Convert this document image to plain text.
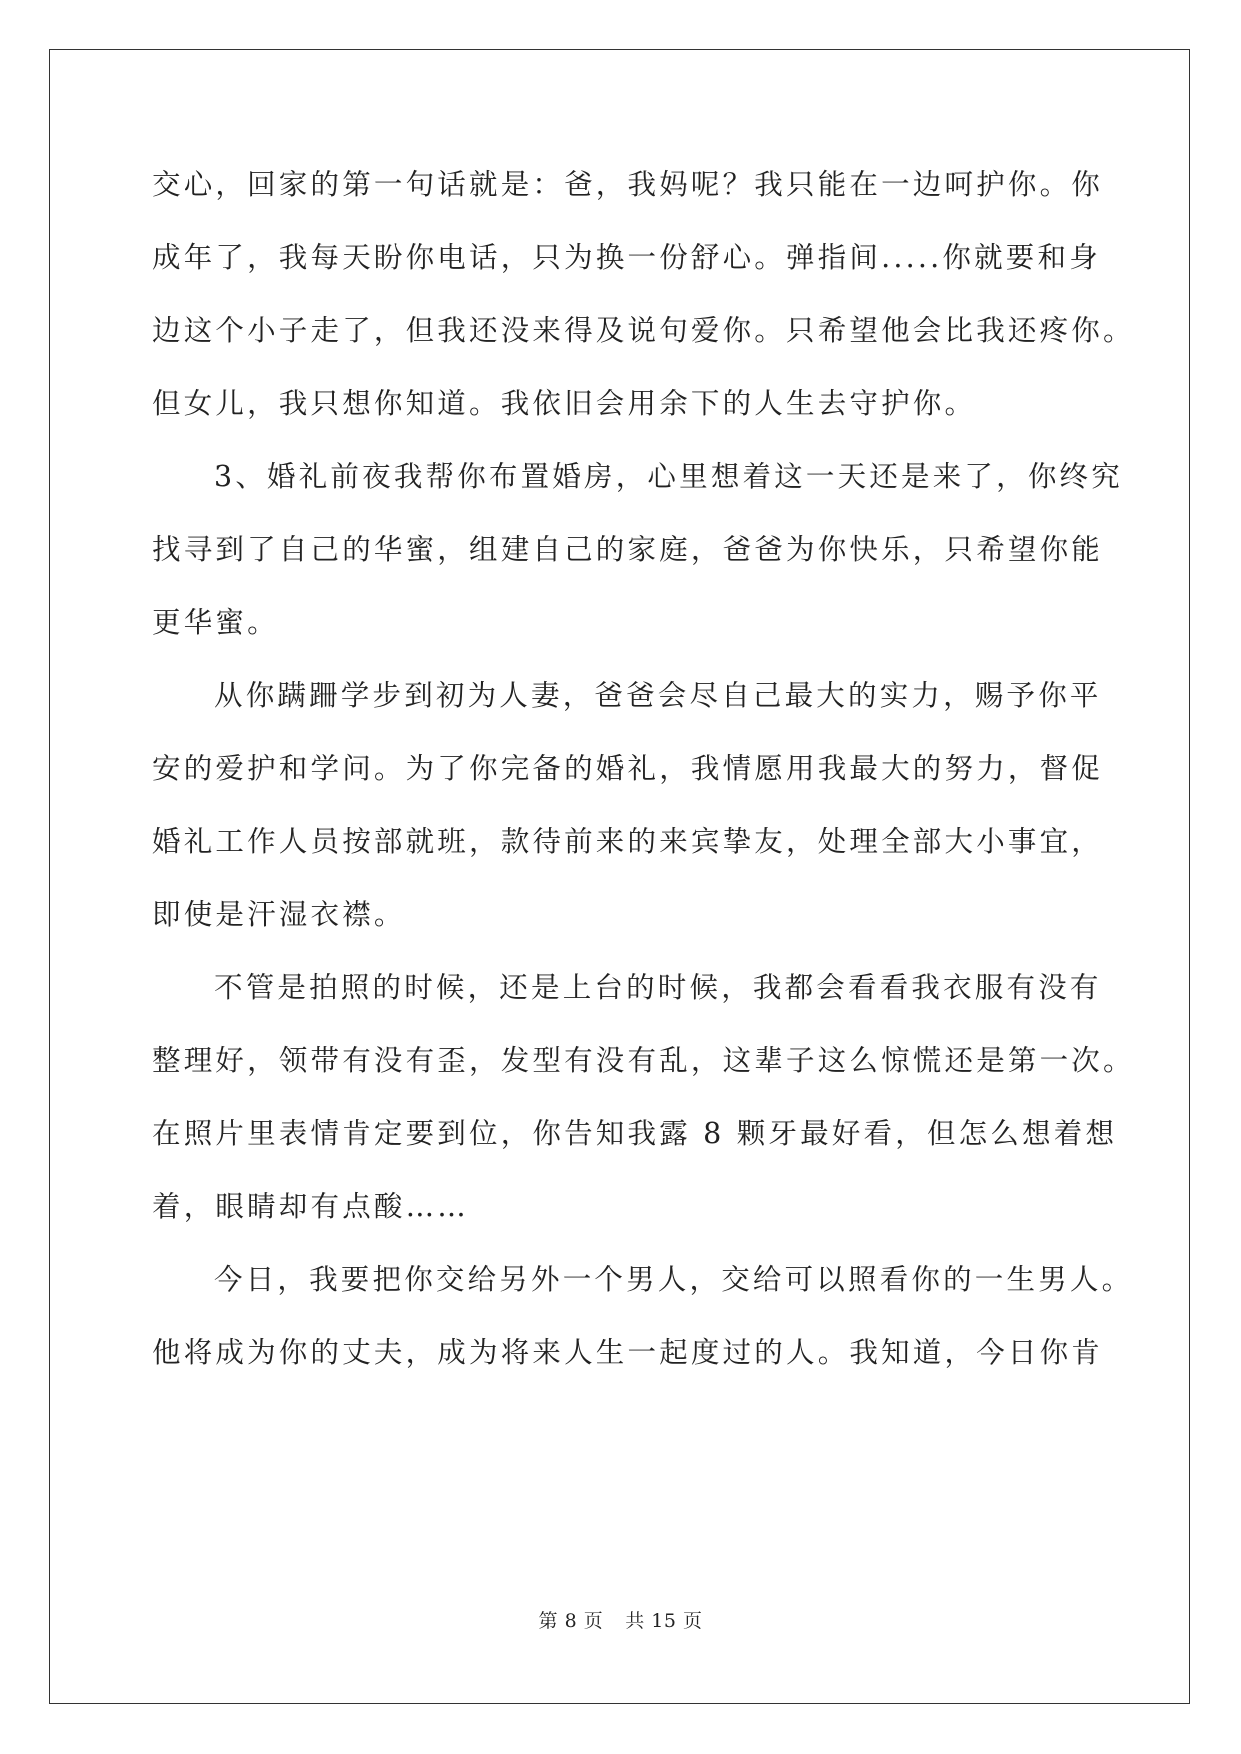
交心，回家的第一句话就是：爸，我妈呢？我只能在一边呵护你。你
成年了，我每天盼你电话，只为换一份舒心。弹指间.....你就要和身
边这个小子走了，但我还没来得及说句爱你。只希望他会比我还疼你。
但女儿，我只想你知道。我依旧会用余下的人生去守护你。
3、婚礼前夜我帮你布置婚房，心里想着这一天还是来了，你终究
找寻到了自己的华蜜，组建自己的家庭，爸爸为你快乐，只希望你能
更华蜜。
从你蹒跚学步到初为人妻，爸爸会尽自己最大的实力，赐予你平
安的爱护和学问。为了你完备的婚礼，我情愿用我最大的努力，督促
婚礼工作人员按部就班，款待前来的来宾挚友，处理全部大小事宜，
即使是汗湿衣襟。
不管是拍照的时候，还是上台的时候，我都会看看我衣服有没有
整理好，领带有没有歪，发型有没有乱，这辈子这么惊慌还是第一次。
在照片里表情肯定要到位，你告知我露 8 颗牙最好看，但怎么想着想
着，眼睛却有点酸……
今日，我要把你交给另外一个男人，交给可以照看你的一生男人。
他将成为你的丈夫，成为将来人生一起度过的人。我知道，今日你肯
第 8 页 共 15 页
